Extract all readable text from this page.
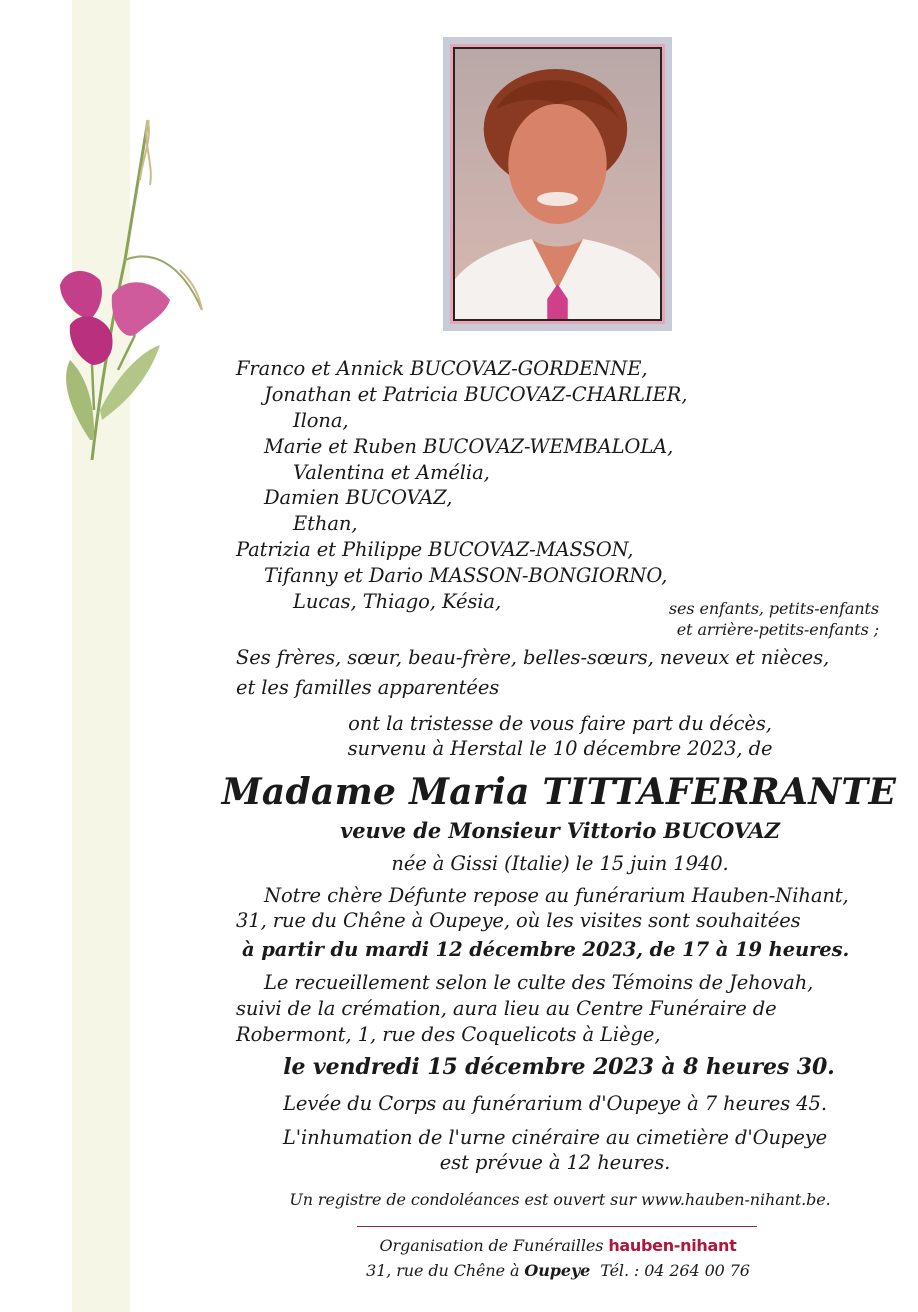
Franco et Annick BUCOVAZ-GORDENNE,
Jonathan et Patricia BUCOVAZ-CHARLIER,
Ilona,
Marie et Ruben BUCOVAZ-WEMBALOLA,
Valentina et Amélia,
Damien BUCOVAZ,
Ethan,
Patrizia et Philippe BUCOVAZ-MASSON,
Tifanny et Dario MASSON-BONGIORNO,
Lucas, Thiago, Késia,	ses enfants, petits-enfants
et arrière-petits-enfants ;
Ses frères, sœur, beau-frère, belles-sœurs, neveux et nièces,
et les familles apparentées
ont la tristesse de vous faire part du décès,
survenu à Herstal le 10 décembre 2023, de
Madame Maria TITTAFERRANTE
veuve de Monsieur Vittorio BUCOVAZ
née à Gissi (Italie) le 15 juin 1940.
Notre chère Défunte repose au funérarium Hauben-Nihant,
31, rue du Chêne à Oupeye, où les visites sont souhaitées
à partir du mardi 12 décembre 2023, de 17 à 19 heures.
Le recueillement selon le culte des Témoins de Jehovah,
suivi de la crémation, aura lieu au Centre Funéraire de
Robermont, 1, rue des Coquelicots à Liège,
le vendredi 15 décembre 2023 à 8 heures 30.
Levée du Corps au funérarium d'Oupeye à 7 heures 45.
L'inhumation de l'urne cinéraire au cimetière d'Oupeye
est prévue à 12 heures.
Un registre de condoléances est ouvert sur www.hauben-nihant.be.
Organisation de Funérailles hauben-nihant
31, rue du Chêne à Oupeye Tél. : 04 264 00 76
